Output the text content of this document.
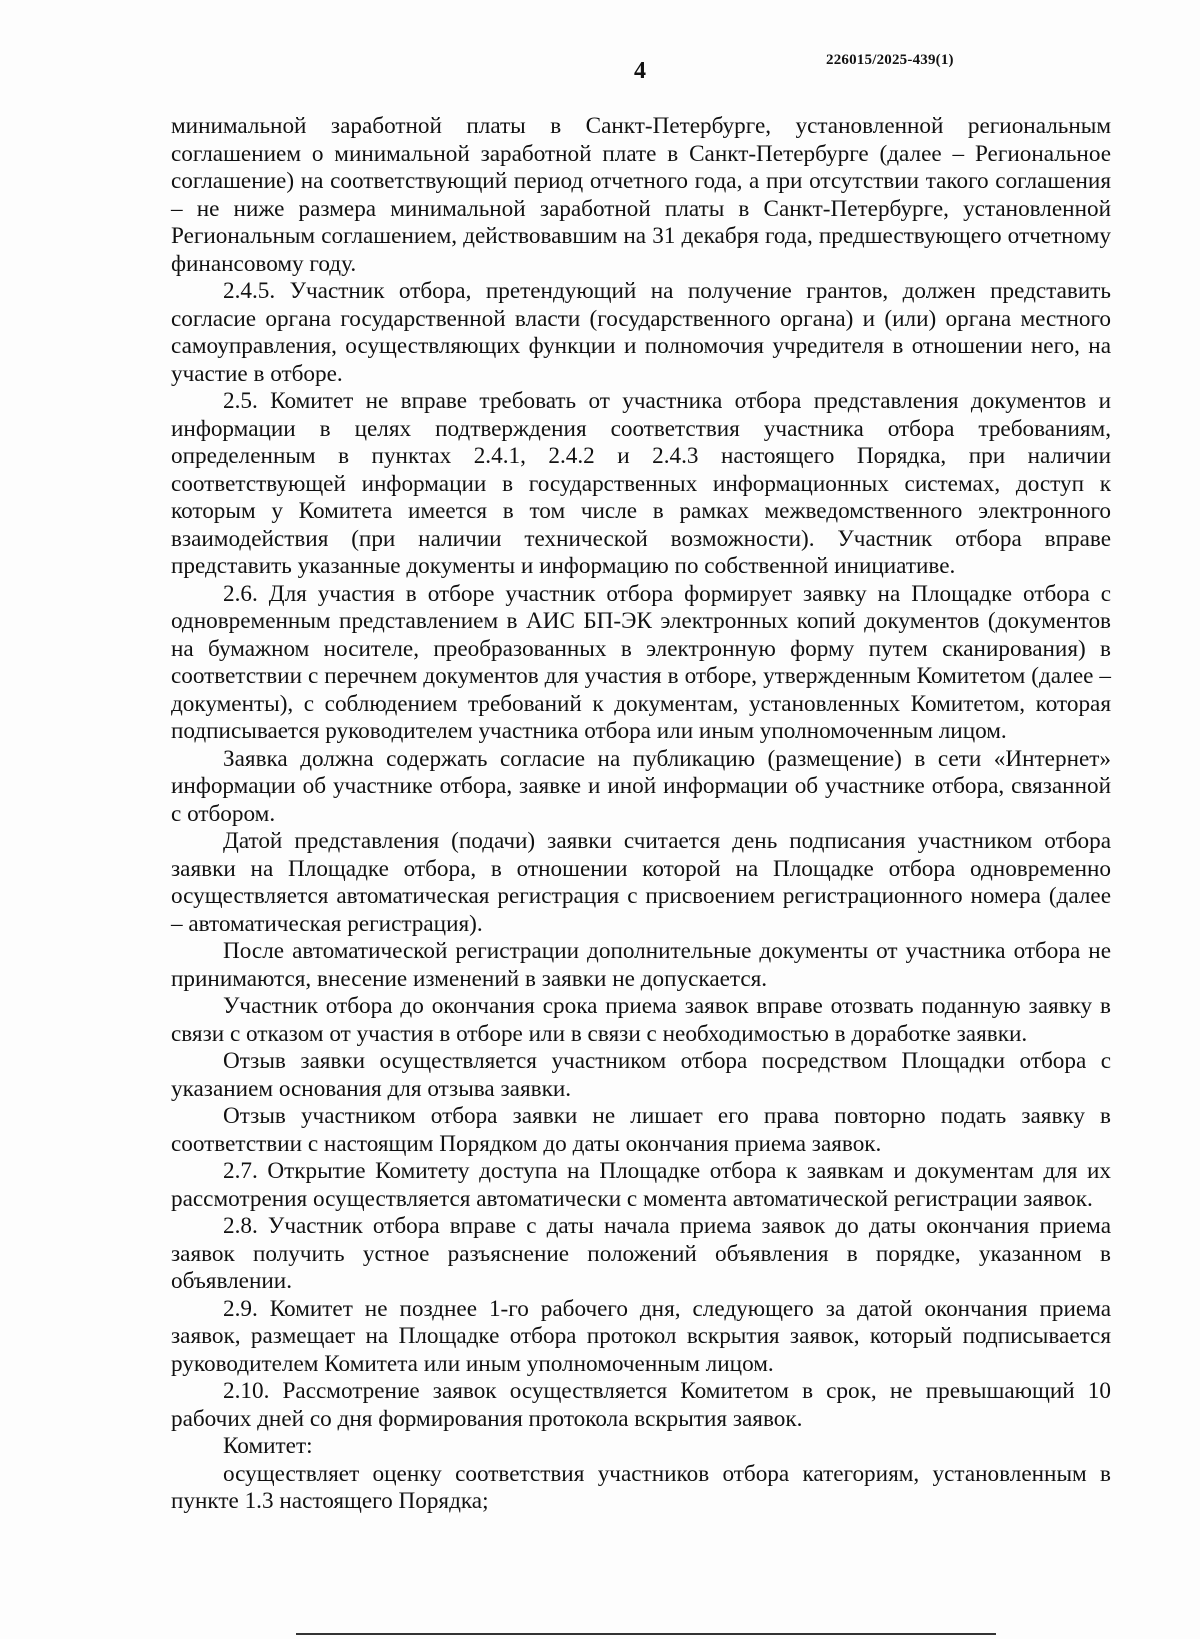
4	226015/2025-439(1)

минимальной заработной платы в Санкт-Петербурге, установленной региональным соглашением о минимальной заработной плате в Санкт-Петербурге (далее – Региональное соглашение) на соответствующий период отчетного года, а при отсутствии такого соглашения – не ниже размера минимальной заработной платы в Санкт-Петербурге, установленной Региональным соглашением, действовавшим на 31 декабря года, предшествующего отчетному финансовому году.

2.4.5. Участник отбора, претендующий на получение грантов, должен представить согласие органа государственной власти (государственного органа) и (или) органа местного самоуправления, осуществляющих функции и полномочия учредителя в отношении него, на участие в отборе.

2.5. Комитет не вправе требовать от участника отбора представления документов и информации в целях подтверждения соответствия участника отбора требованиям, определенным в пунктах 2.4.1, 2.4.2 и 2.4.3 настоящего Порядка, при наличии соответствующей информации в государственных информационных системах, доступ к которым у Комитета имеется в том числе в рамках межведомственного электронного взаимодействия (при наличии технической возможности). Участник отбора вправе представить указанные документы и информацию по собственной инициативе.

2.6. Для участия в отборе участник отбора формирует заявку на Площадке отбора с одновременным представлением в АИС БП-ЭК электронных копий документов (документов на бумажном носителе, преобразованных в электронную форму путем сканирования) в соответствии с перечнем документов для участия в отборе, утвержденным Комитетом (далее – документы), с соблюдением требований к документам, установленных Комитетом, которая подписывается руководителем участника отбора или иным уполномоченным лицом.

Заявка должна содержать согласие на публикацию (размещение) в сети «Интернет» информации об участнике отбора, заявке и иной информации об участнике отбора, связанной с отбором.

Датой представления (подачи) заявки считается день подписания участником отбора заявки на Площадке отбора, в отношении которой на Площадке отбора одновременно осуществляется автоматическая регистрация с присвоением регистрационного номера (далее – автоматическая регистрация).

После автоматической регистрации дополнительные документы от участника отбора не принимаются, внесение изменений в заявки не допускается.

Участник отбора до окончания срока приема заявок вправе отозвать поданную заявку в связи с отказом от участия в отборе или в связи с необходимостью в доработке заявки.

Отзыв заявки осуществляется участником отбора посредством Площадки отбора с указанием основания для отзыва заявки.

Отзыв участником отбора заявки не лишает его права повторно подать заявку в соответствии с настоящим Порядком до даты окончания приема заявок.

2.7. Открытие Комитету доступа на Площадке отбора к заявкам и документам для их рассмотрения осуществляется автоматически с момента автоматической регистрации заявок.

2.8. Участник отбора вправе с даты начала приема заявок до даты окончания приема заявок получить устное разъяснение положений объявления в порядке, указанном в объявлении.

2.9. Комитет не позднее 1-го рабочего дня, следующего за датой окончания приема заявок, размещает на Площадке отбора протокол вскрытия заявок, который подписывается руководителем Комитета или иным уполномоченным лицом.

2.10. Рассмотрение заявок осуществляется Комитетом в срок, не превышающий 10 рабочих дней со дня формирования протокола вскрытия заявок.

Комитет:

осуществляет оценку соответствия участников отбора категориям, установленным в пункте 1.3 настоящего Порядка;
